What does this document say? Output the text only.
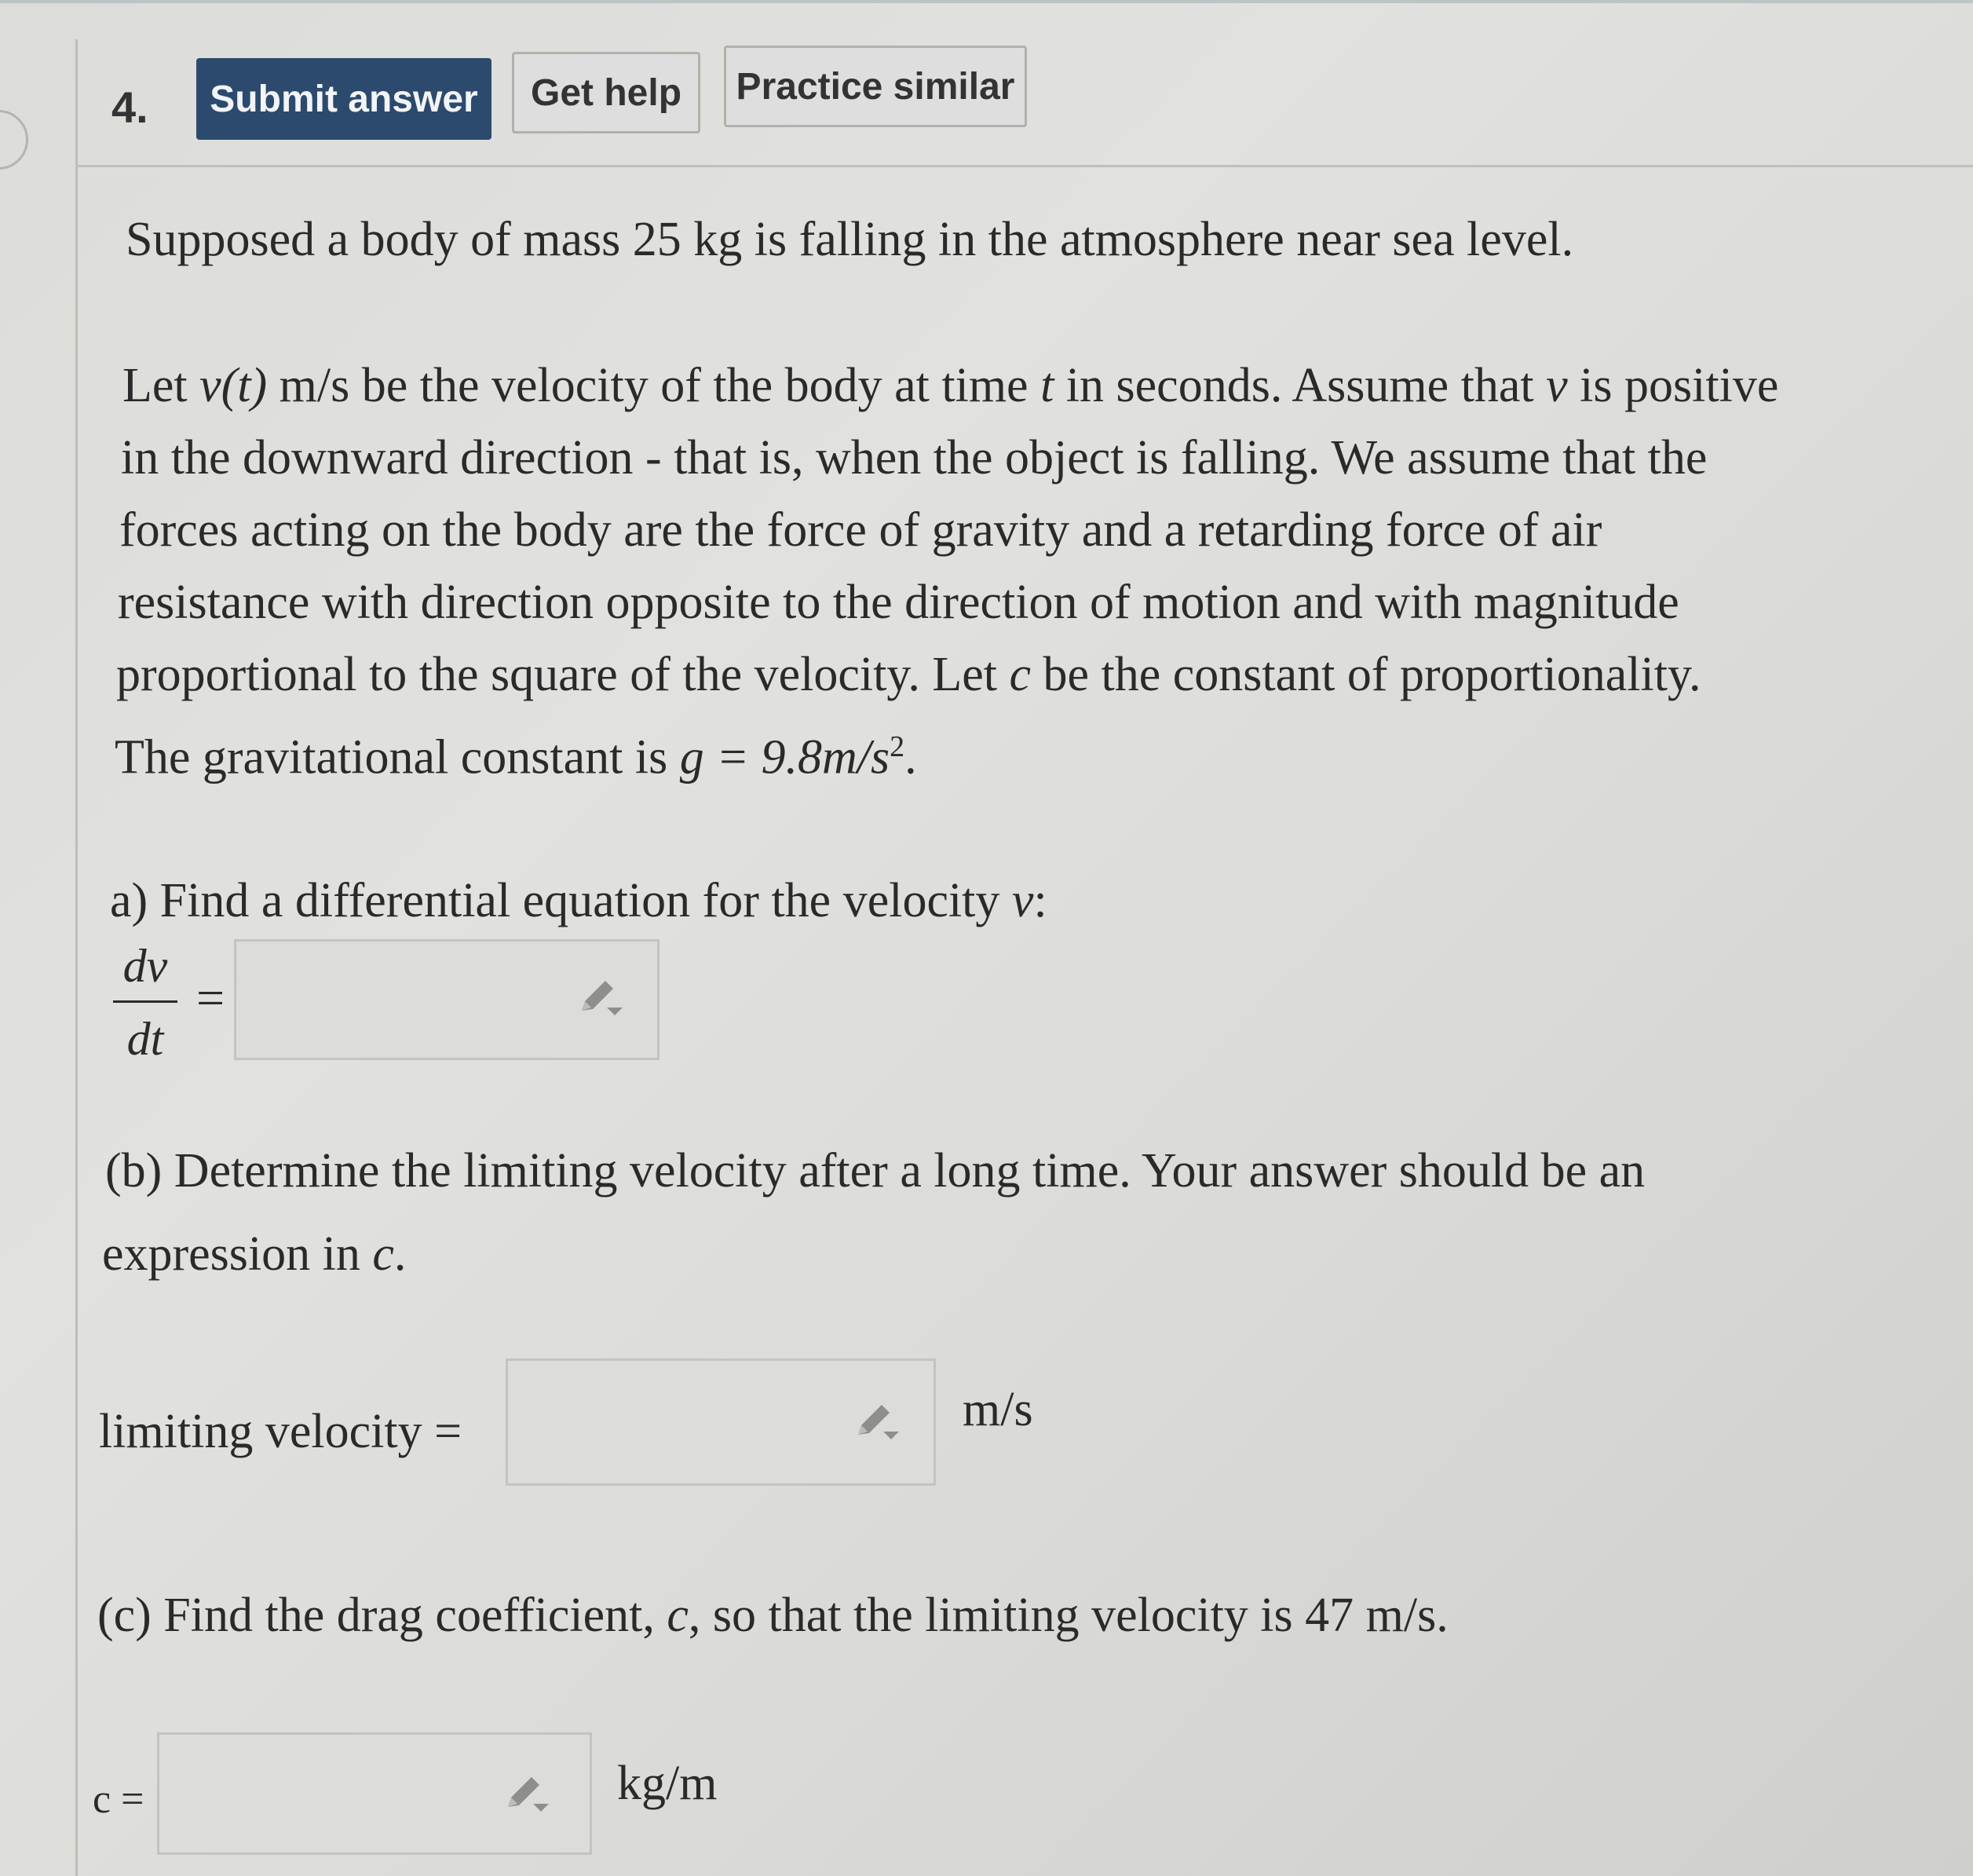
4.	Submit answer	Get help	Practice similar
Supposed a body of mass 25 kg is falling in the atmosphere near sea level.
Let v(t) m/s be the velocity of the body at time t in seconds. Assume that v is positive
in the downward direction - that is, when the object is falling. We assume that the
forces acting on the body are the force of gravity and a retarding force of air
resistance with direction opposite to the direction of motion and with magnitude
proportional to the square of the velocity. Let c be the constant of proportionality.
The gravitational constant is $g = 9.8m/s^2$.
a) Find a differential equation for the velocity v:
dv
dt
=
(b) Determine the limiting velocity after a long time. Your answer should be an
expression in c.
limiting velocity =	m/s
(c) Find the drag coefficient, c, so that the limiting velocity is 47 m/s.
c =	kg/m
